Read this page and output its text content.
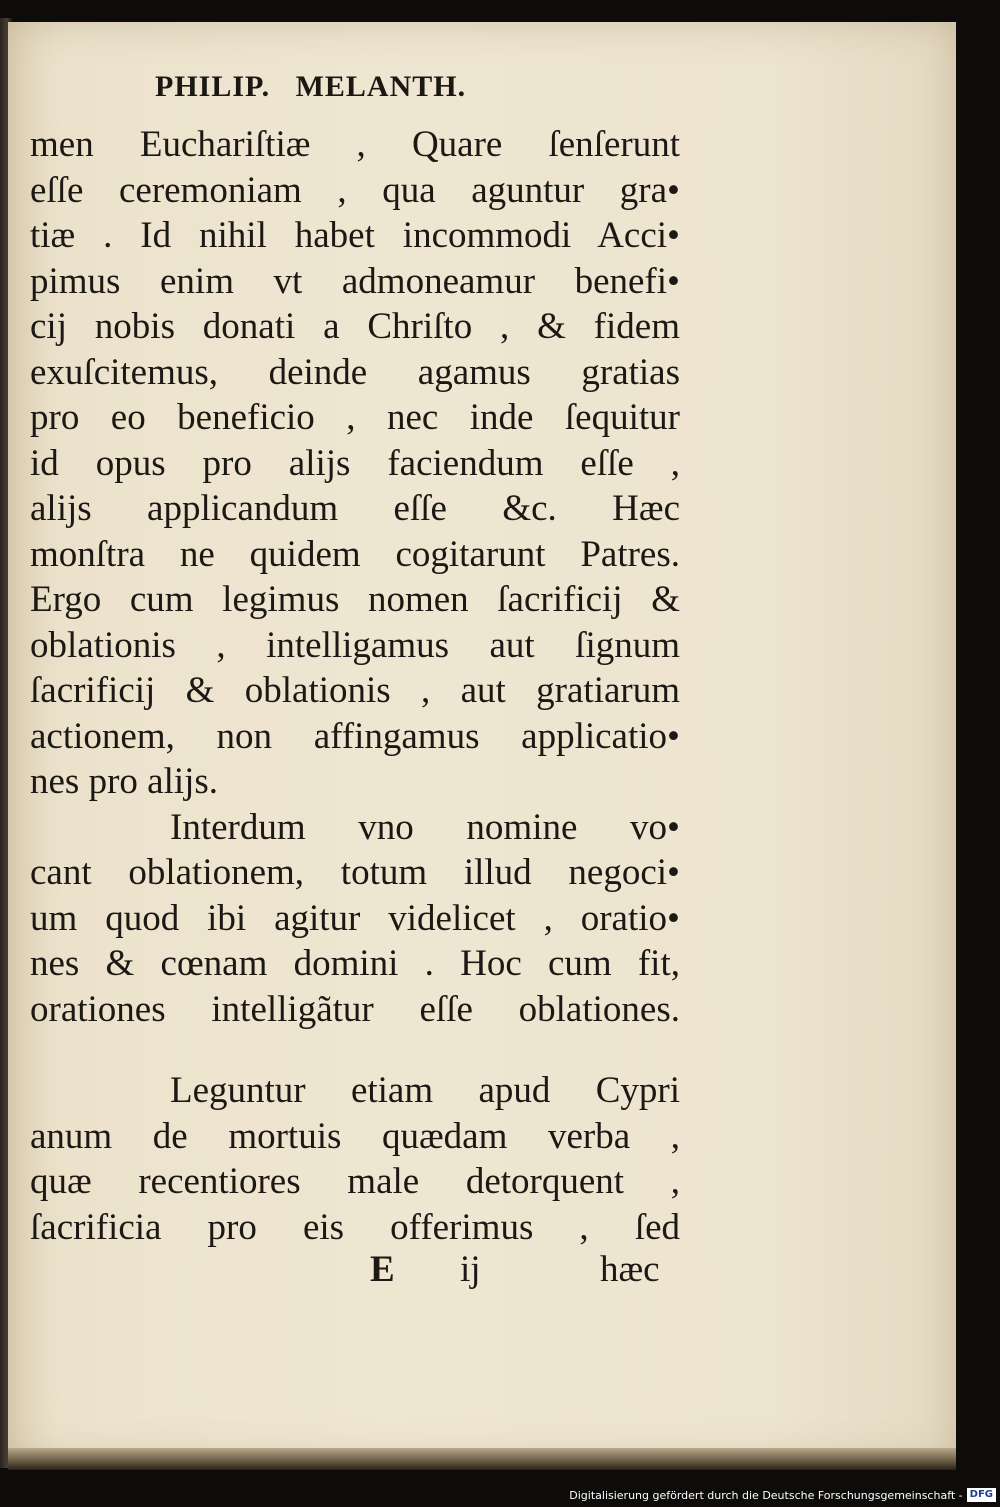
PHILIP.   MELANTH.
men Euchariſtiæ , Quare ſenſerunt
eſſe ceremoniam , qua aguntur gra•
tiæ . Id nihil habet incommodi Acci•
pimus enim vt admoneamur benefi•
cij nobis donati a Chriſto , & fidem
exuſcitemus, deinde agamus gratias
pro eo beneficio , nec inde ſequitur
id opus pro alijs faciendum eſſe ,
alijs applicandum eſſe &c. Hæc
monſtra ne quidem cogitarunt Patres.
Ergo cum legimus nomen ſacrificij &
oblationis , intelligamus aut ſignum
ſacrificij & oblationis , aut gratiarum
actionem, non affingamus applicatio•
nes pro alijs.
Interdum vno nomine vo•
cant oblationem, totum illud negoci•
um quod ibi agitur videlicet , oratio•
nes & cœnam domini . Hoc cum fit,
orationes intelligãtur eſſe oblationes.
Leguntur etiam apud Cypri
anum de mortuis quædam verba ,
quæ recentiores male detorquent ,
ſacrificia pro eis offerimus , ſed
E ij	hæc
Digitalisierung gefördert durch die Deutsche Forschungsgemeinschaft - DFG
